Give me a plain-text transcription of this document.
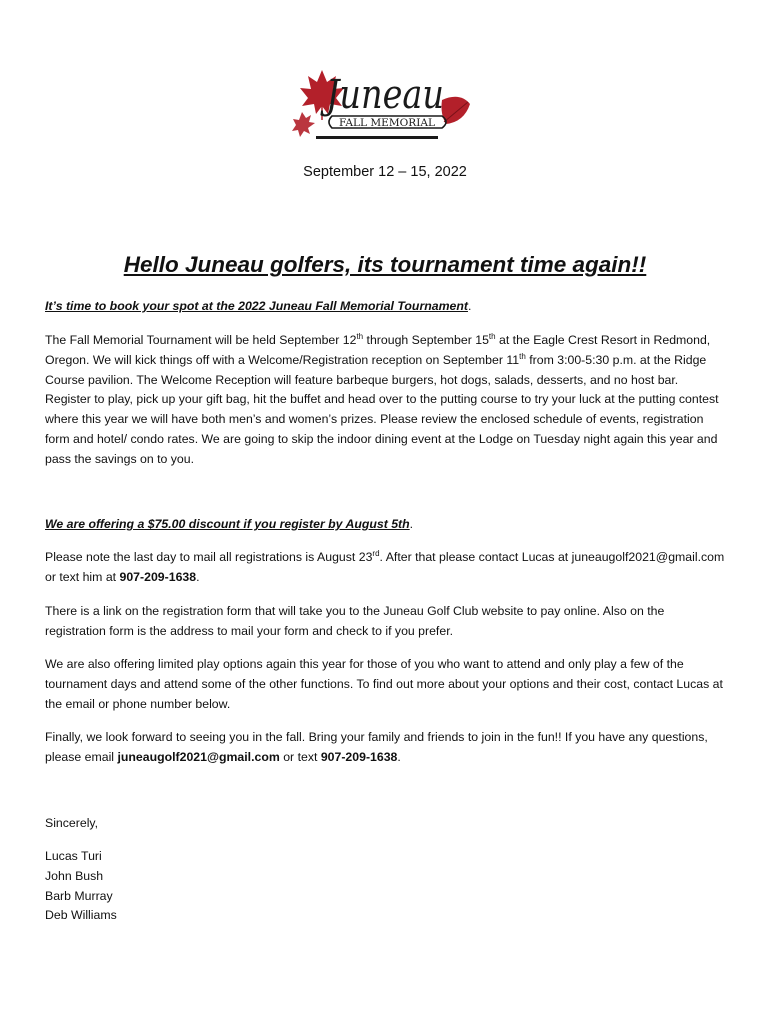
Juneau
FALL MEMORIAL
September 12 – 15, 2022
Hello Juneau golfers, its tournament time again!!

It’s time to book your spot at the 2022 Juneau Fall Memorial Tournament.

The Fall Memorial Tournament will be held September 12th through September 15th at the Eagle Crest Resort in Redmond, Oregon. We will kick things off with a Welcome/Registration reception on September 11th from 3:00-5:30 p.m. at the Ridge Course pavilion. The Welcome Reception will feature barbeque burgers, hot dogs, salads, desserts, and no host bar. Register to play, pick up your gift bag, hit the buffet and head over to the putting course to try your luck at the putting contest where this year we will have both men’s and women’s prizes. Please review the enclosed schedule of events, registration form and hotel/ condo rates. We are going to skip the indoor dining event at the Lodge on Tuesday night again this year and pass the savings on to you.

We are offering a $75.00 discount if you register by August 5th.

Please note the last day to mail all registrations is August 23rd. After that please contact Lucas at juneaugolf2021@gmail.com or text him at 907-209-1638.

There is a link on the registration form that will take you to the Juneau Golf Club website to pay online. Also on the registration form is the address to mail your form and check to if you prefer.

We are also offering limited play options again this year for those of you who want to attend and only play a few of the tournament days and attend some of the other functions. To find out more about your options and their cost, contact Lucas at the email or phone number below.

Finally, we look forward to seeing you in the fall. Bring your family and friends to join in the fun!! If you have any questions, please email juneaugolf2021@gmail.com or text 907-209-1638.

Sincerely,
Lucas Turi
John Bush
Barb Murray
Deb Williams
